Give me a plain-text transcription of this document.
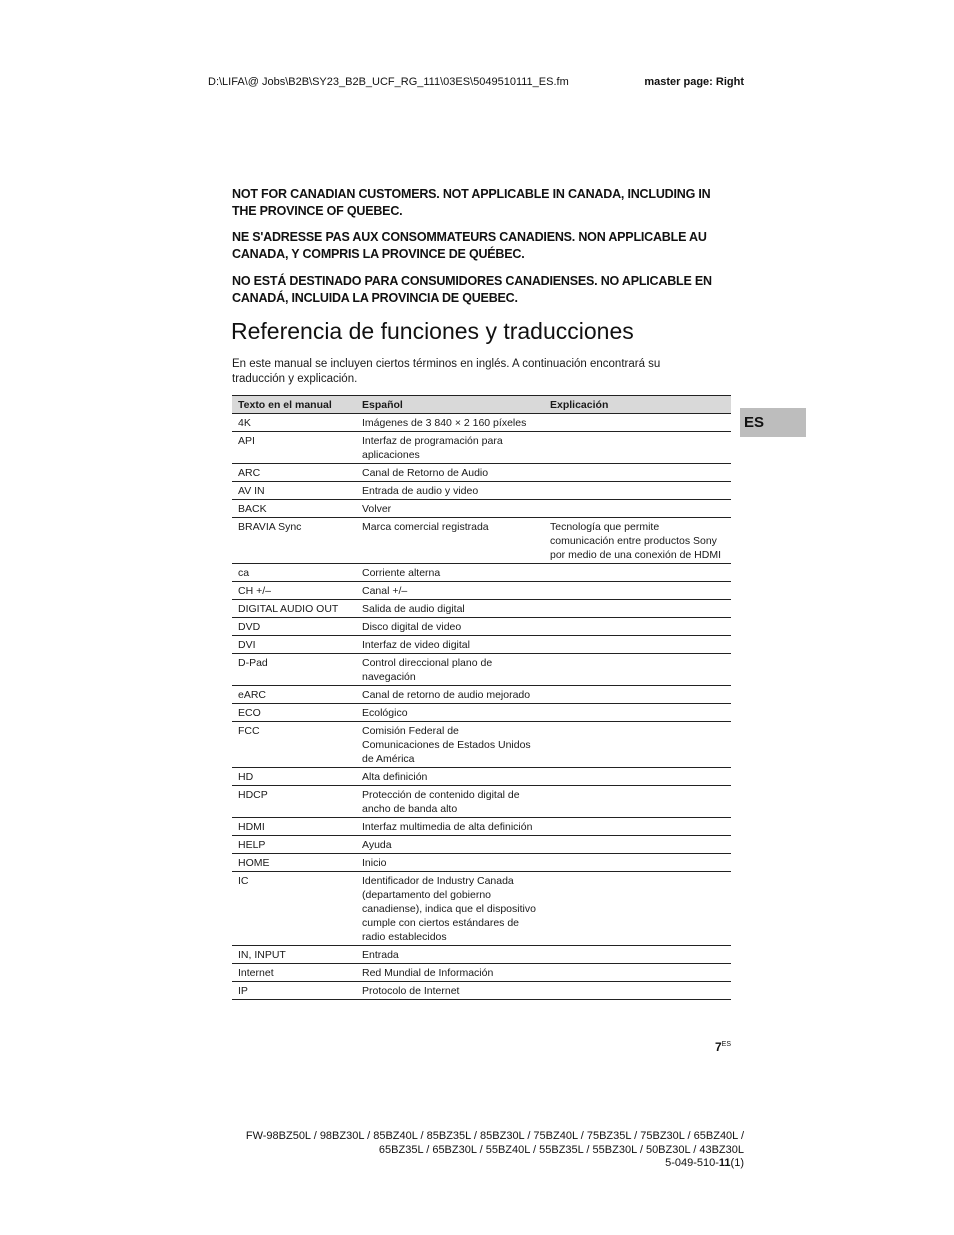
D:\LIFA\@ Jobs\B2B\SY23_B2B_UCF_RG_111\03ES\5049510111_ES.fm	master page: Right
NOT FOR CANADIAN CUSTOMERS. NOT APPLICABLE IN CANADA, INCLUDING IN THE PROVINCE OF QUEBEC.
NE S'ADRESSE PAS AUX CONSOMMATEURS CANADIENS. NON APPLICABLE AU CANADA, Y COMPRIS LA PROVINCE DE QUÉBEC.
NO ESTÁ DESTINADO PARA CONSUMIDORES CANADIENSES. NO APLICABLE EN CANADÁ, INCLUIDA LA PROVINCIA DE QUEBEC.
Referencia de funciones y traducciones
En este manual se incluyen ciertos términos en inglés. A continuación encontrará su traducción y explicación.
ES
Texto en el manual	Español	Explicación
4K	Imágenes de 3 840 × 2 160 píxeles	
API	Interfaz de programación para aplicaciones	
ARC	Canal de Retorno de Audio	
AV IN	Entrada de audio y video	
BACK	Volver	
BRAVIA Sync	Marca comercial registrada	Tecnología que permite comunicación entre productos Sony por medio de una conexión de HDMI
ca	Corriente alterna	
CH +/–	Canal +/–	
DIGITAL AUDIO OUT	Salida de audio digital	
DVD	Disco digital de video	
DVI	Interfaz de video digital	
D-Pad	Control direccional plano de navegación	
eARC	Canal de retorno de audio mejorado	
ECO	Ecológico	
FCC	Comisión Federal de Comunicaciones de Estados Unidos de América	
HD	Alta definición	
HDCP	Protección de contenido digital de ancho de banda alto	
HDMI	Interfaz multimedia de alta definición	
HELP	Ayuda	
HOME	Inicio	
IC	Identificador de Industry Canada (departamento del gobierno canadiense), indica que el dispositivo cumple con ciertos estándares de radio establecidos	
IN, INPUT	Entrada	
Internet	Red Mundial de Información	
IP	Protocolo de Internet	
$7^{ES}$
FW-98BZ50L / 98BZ30L / 85BZ40L / 85BZ35L / 85BZ30L / 75BZ40L / 75BZ35L / 75BZ30L / 65BZ40L /
65BZ35L / 65BZ30L / 55BZ40L / 55BZ35L / 55BZ30L / 50BZ30L / 43BZ30L
5-049-510-11(1)
